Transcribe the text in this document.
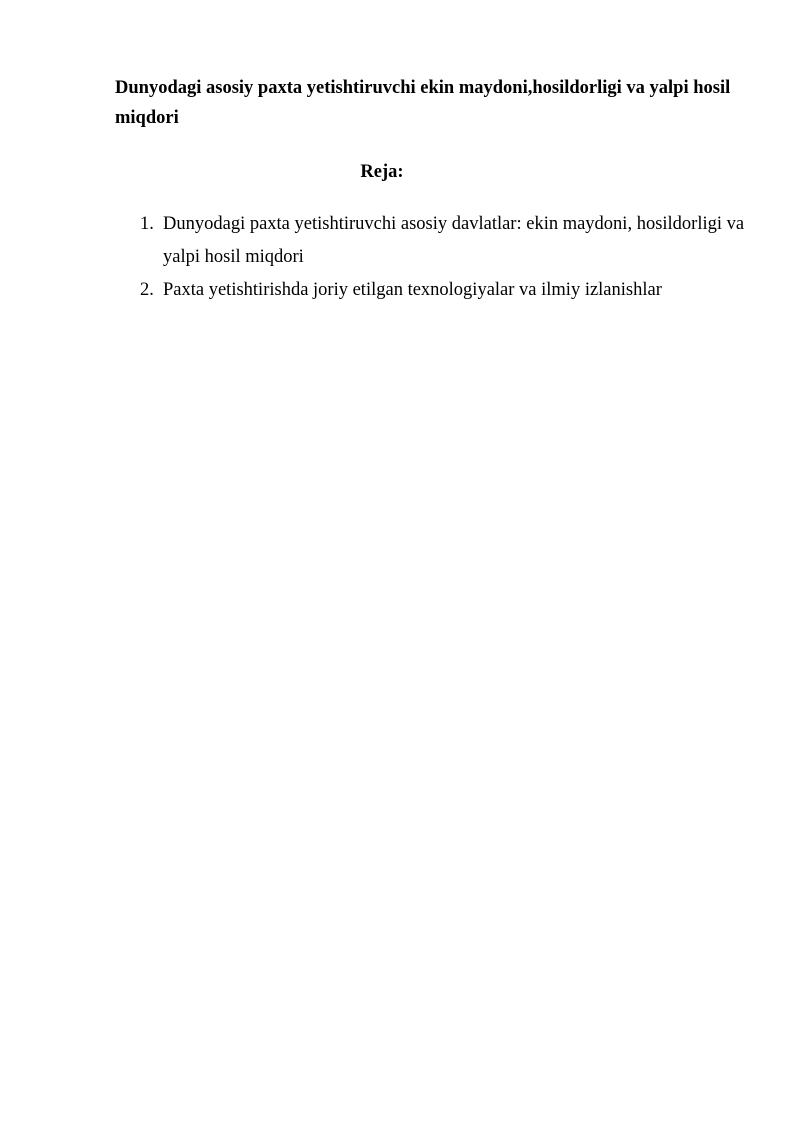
Dunyodagi asosiy paxta yetishtiruvchi ekin maydoni,hosildorligi va yalpi hosil miqdori
Reja:
1. Dunyodagi paxta yetishtiruvchi asosiy davlatlar: ekin maydoni, hosildorligi va yalpi hosil miqdori
2. Paxta yetishtirishda joriy etilgan texnologiyalar va ilmiy izlanishlar
